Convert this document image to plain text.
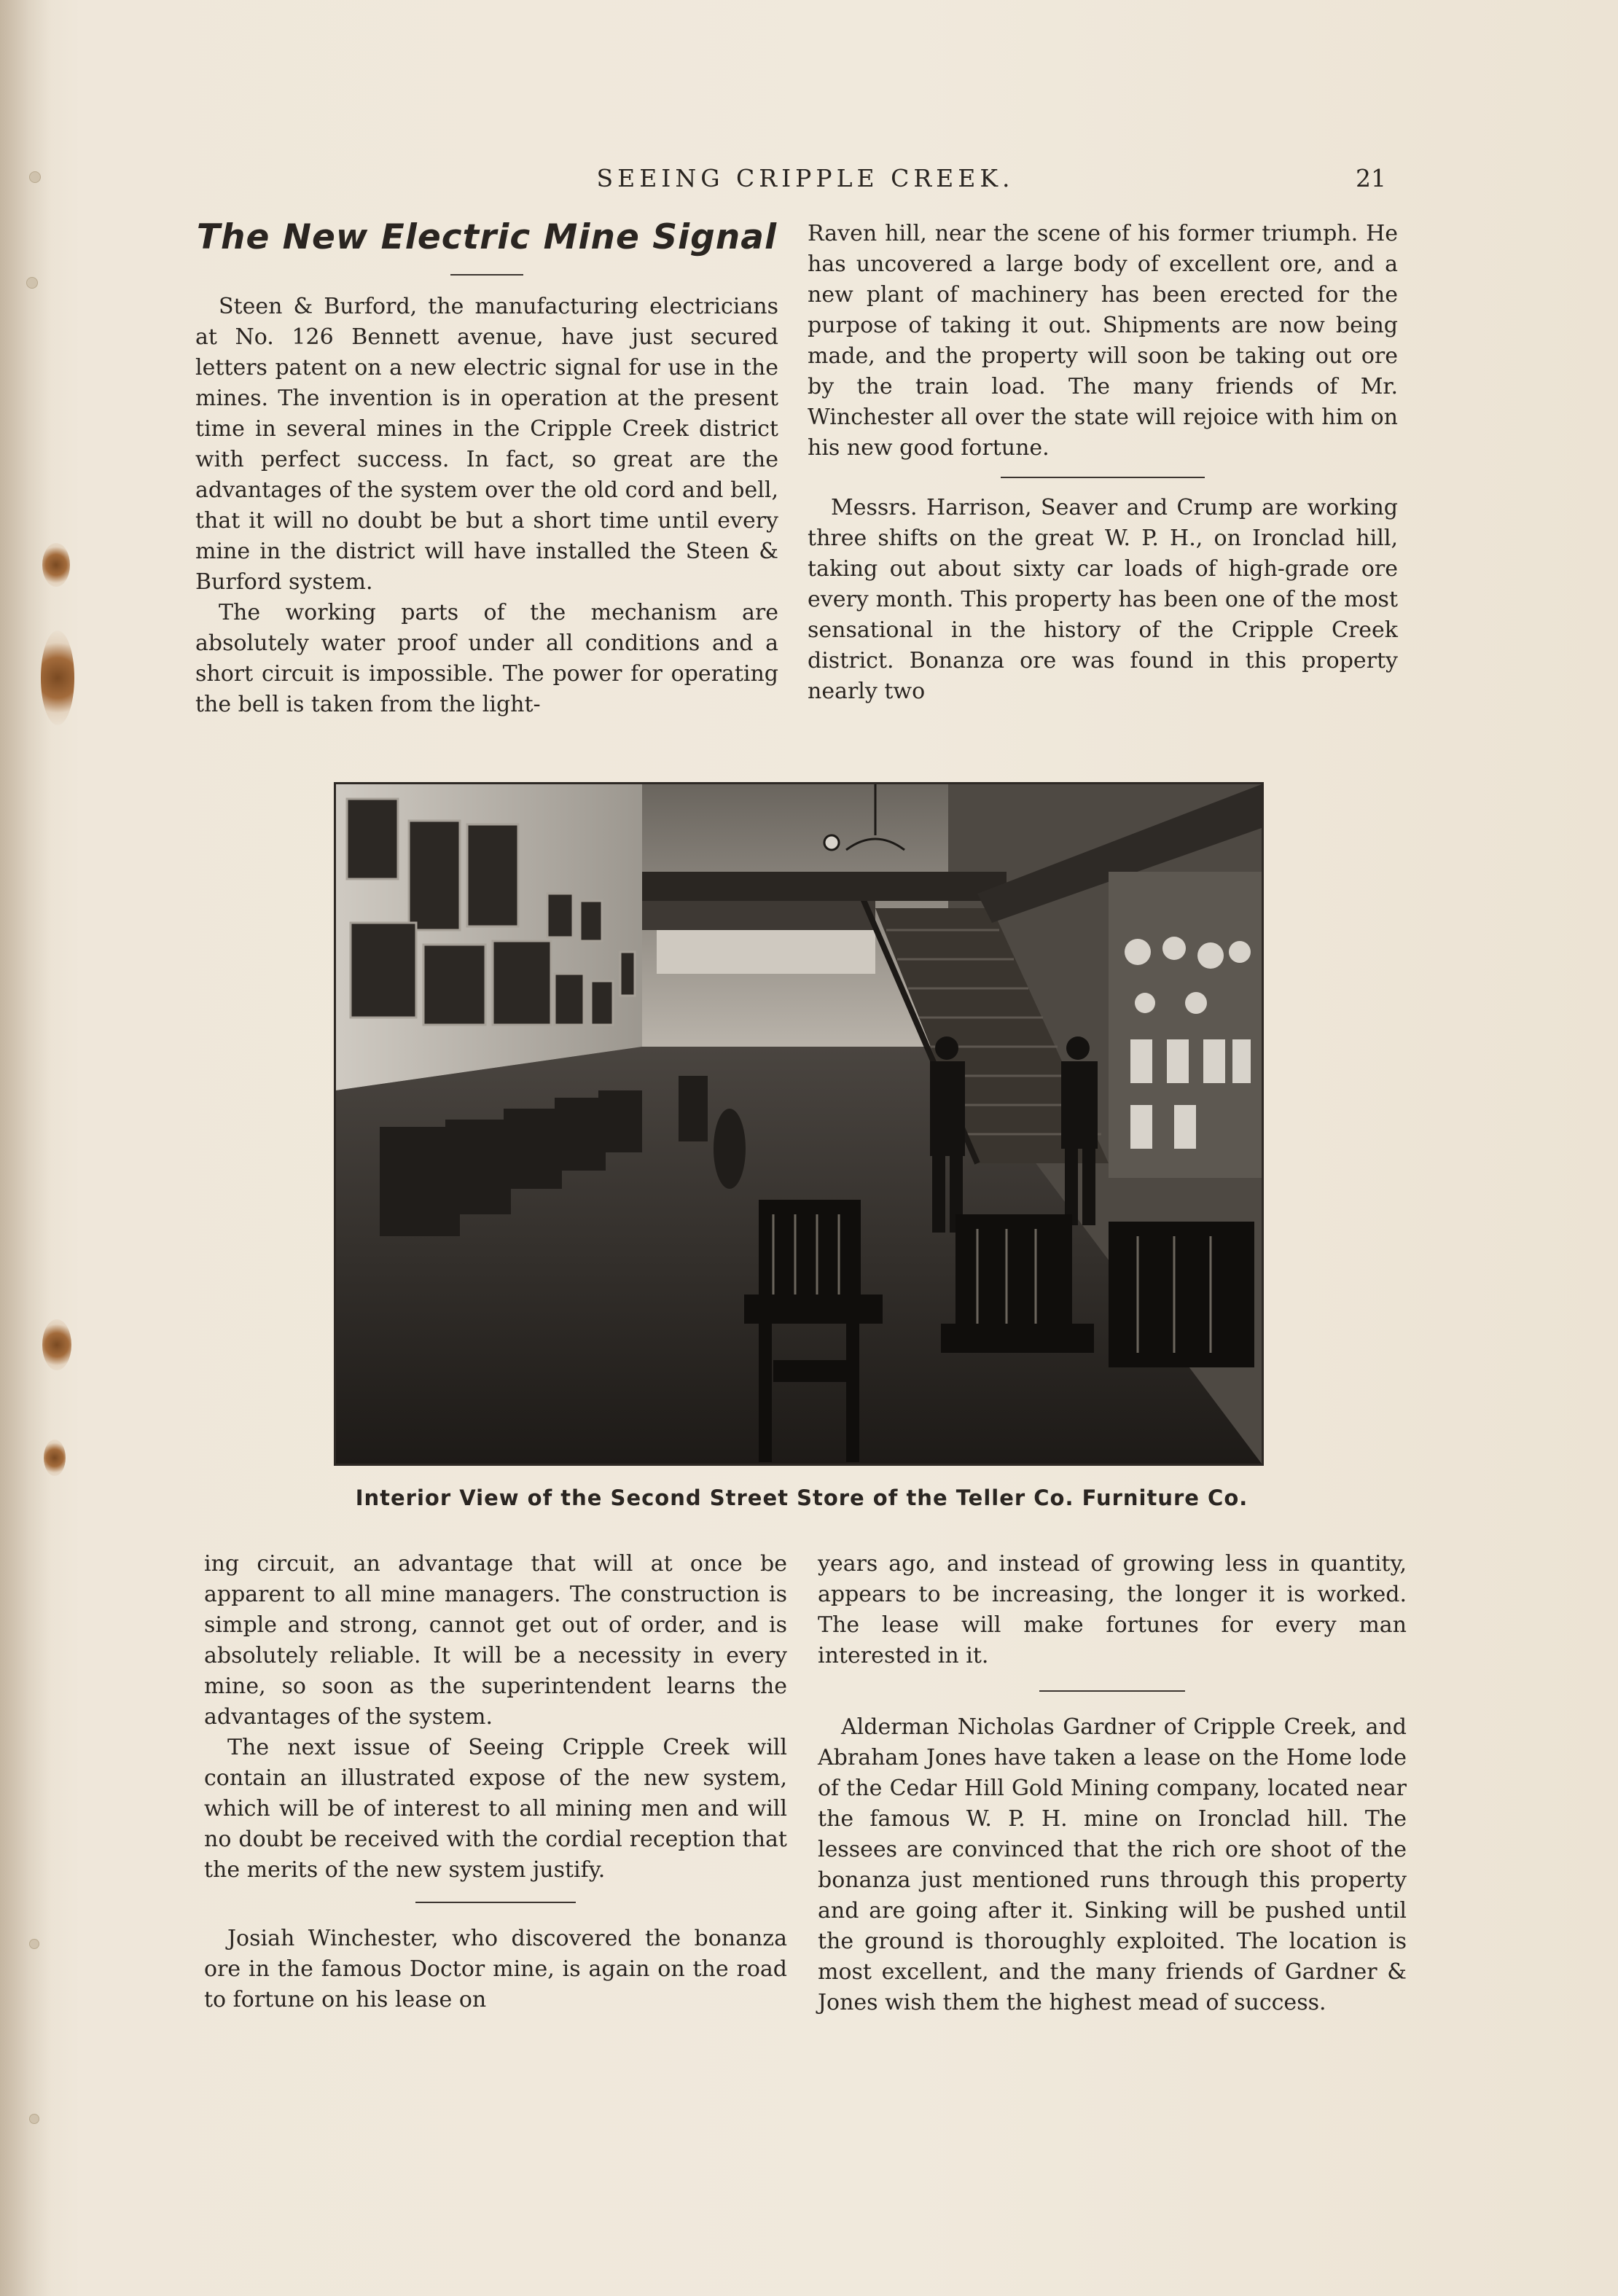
SEEING CRIPPLE CREEK.	21
The New Electric Mine Signal

Steen & Burford, the manufacturing electricians at No. 126 Bennett avenue, have just secured letters patent on a new electric signal for use in the mines. The invention is in operation at the present time in several mines in the Cripple Creek district with perfect success. In fact, so great are the advantages of the system over the old cord and bell, that it will no doubt be but a short time until every mine in the district will have installed the Steen & Burford system.

The working parts of the mechanism are absolutely water proof under all conditions and a short circuit is impossible. The power for operating the bell is taken from the light-

Raven hill, near the scene of his former triumph. He has uncovered a large body of excellent ore, and a new plant of machinery has been erected for the purpose of taking it out. Shipments are now being made, and the property will soon be taking out ore by the train load. The many friends of Mr. Winchester all over the state will rejoice with him on his new good fortune.

Messrs. Harrison, Seaver and Crump are working three shifts on the great W. P. H., on Ironclad hill, taking out about sixty car loads of high-grade ore every month. This property has been one of the most sensational in the history of the Cripple Creek district. Bonanza ore was found in this property nearly two

Interior View of the Second Street Store of the Teller Co. Furniture Co.

ing circuit, an advantage that will at once be apparent to all mine managers. The construction is simple and strong, cannot get out of order, and is absolutely reliable. It will be a necessity in every mine, so soon as the superintendent learns the advantages of the system.

The next issue of Seeing Cripple Creek will contain an illustrated expose of the new system, which will be of interest to all mining men and will no doubt be received with the cordial reception that the merits of the new system justify.

Josiah Winchester, who discovered the bonanza ore in the famous Doctor mine, is again on the road to fortune on his lease on

years ago, and instead of growing less in quantity, appears to be increasing, the longer it is worked. The lease will make fortunes for every man interested in it.

Alderman Nicholas Gardner of Cripple Creek, and Abraham Jones have taken a lease on the Home lode of the Cedar Hill Gold Mining company, located near the famous W. P. H. mine on Ironclad hill. The lessees are convinced that the rich ore shoot of the bonanza just mentioned runs through this property and are going after it. Sinking will be pushed until the ground is thoroughly exploited. The location is most excellent, and the many friends of Gardner & Jones wish them the highest mead of success.
